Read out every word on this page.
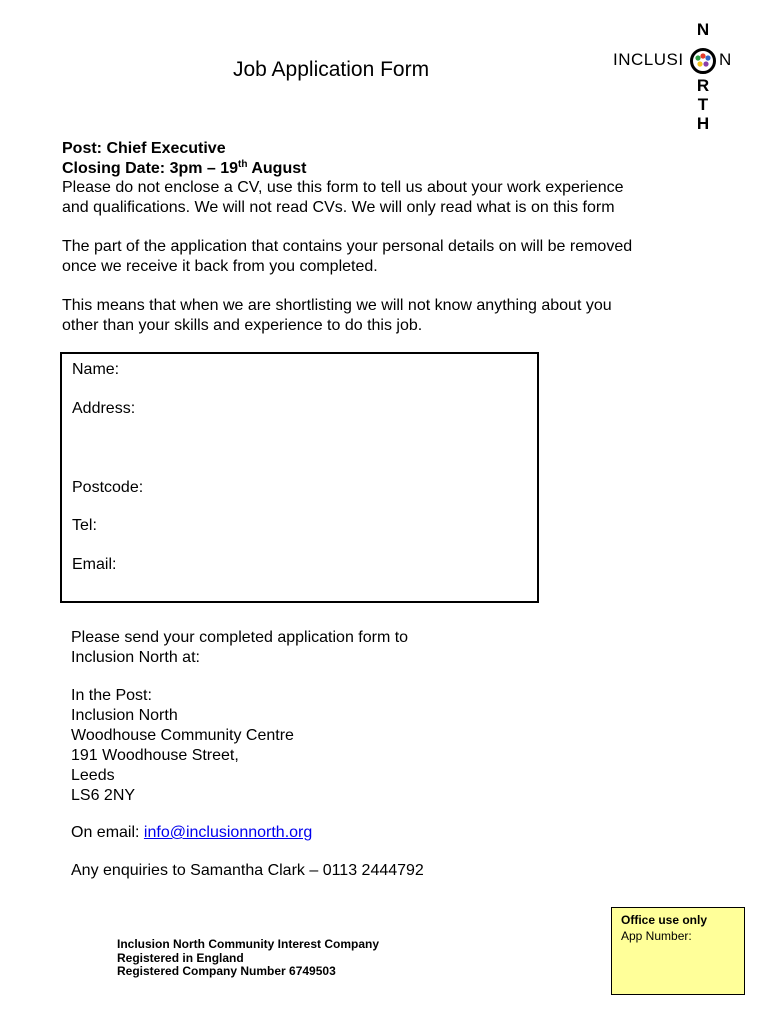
INCLUSI N
N
R
T
H
Job Application Form
Post: Chief Executive
Closing Date: 3pm – 19th August
Please do not enclose a CV, use this form to tell us about your work experience
and qualifications. We will not read CVs. We will only read what is on this form
The part of the application that contains your personal details on will be removed
once we receive it back from you completed.
This means that when we are shortlisting we will not know anything about you
other than your skills and experience to do this job.
Name:
Address:
Postcode:
Tel:
Email:
Please send your completed application form to
Inclusion North at:
In the Post:
Inclusion North
Woodhouse Community Centre
191 Woodhouse Street,
Leeds
LS6 2NY
On email: info@inclusionnorth.org
Any enquiries to Samantha Clark – 0113 2444792
Inclusion North Community Interest Company
Registered in England
Registered Company Number 6749503
Office use only
App Number:
